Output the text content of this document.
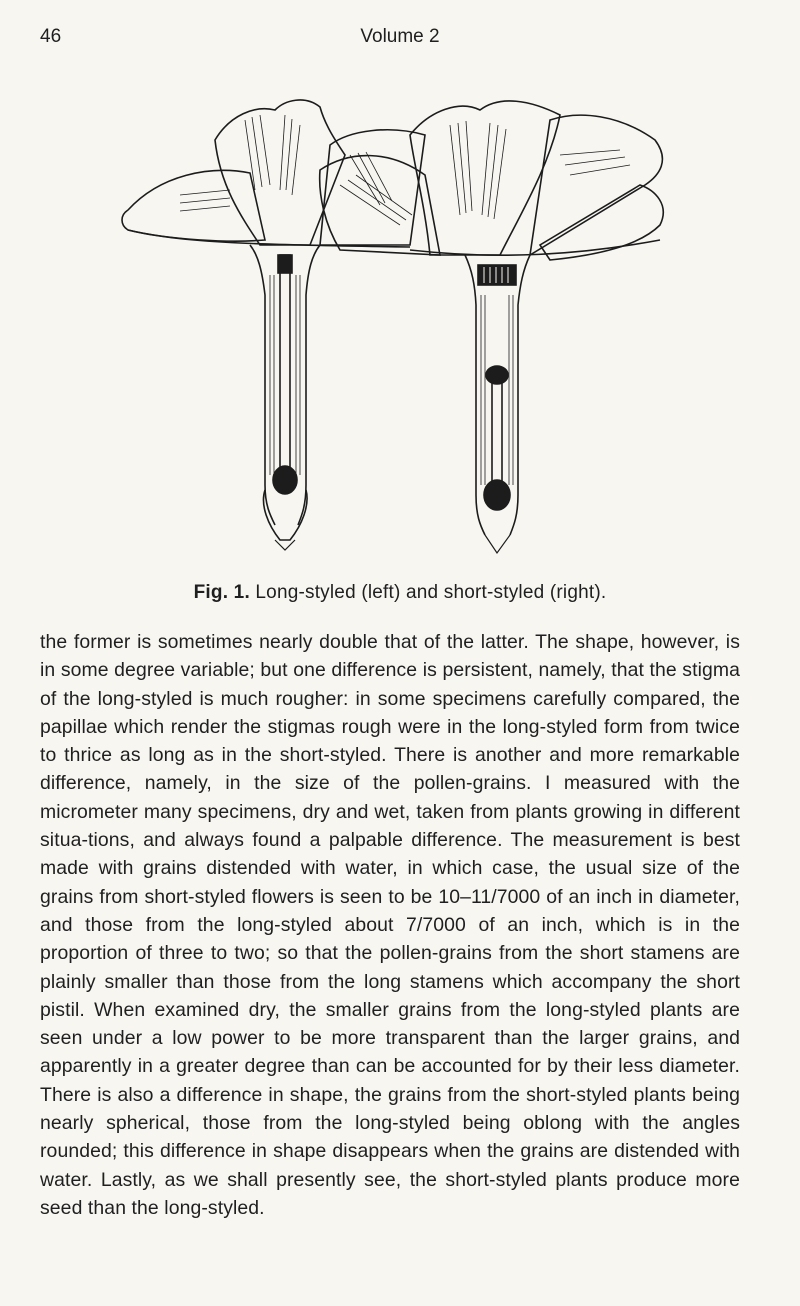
46	Volume 2
Fig. 1. Long-styled (left) and short-styled (right).
the former is sometimes nearly double that of the latter. The shape, however, is in some degree variable; but one difference is persistent, namely, that the stigma of the long-styled is much rougher: in some specimens carefully compared, the papillae which render the stigmas rough were in the long-styled form from twice to thrice as long as in the short-styled. There is another and more remarkable difference, namely, in the size of the pollen-grains. I measured with the micrometer many specimens, dry and wet, taken from plants growing in different situa-tions, and always found a palpable difference. The measurement is best made with grains distended with water, in which case, the usual size of the grains from short-styled flowers is seen to be 10–11/7000 of an inch in diameter, and those from the long-styled about 7/7000 of an inch, which is in the proportion of three to two; so that the pollen-grains from the short stamens are plainly smaller than those from the long stamens which accompany the short pistil. When examined dry, the smaller grains from the long-styled plants are seen under a low power to be more transparent than the larger grains, and apparently in a greater degree than can be accounted for by their less diameter. There is also a difference in shape, the grains from the short-styled plants being nearly spherical, those from the long-styled being oblong with the angles rounded; this difference in shape disappears when the grains are distended with water. Lastly, as we shall presently see, the short-styled plants produce more seed than the long-styled.
